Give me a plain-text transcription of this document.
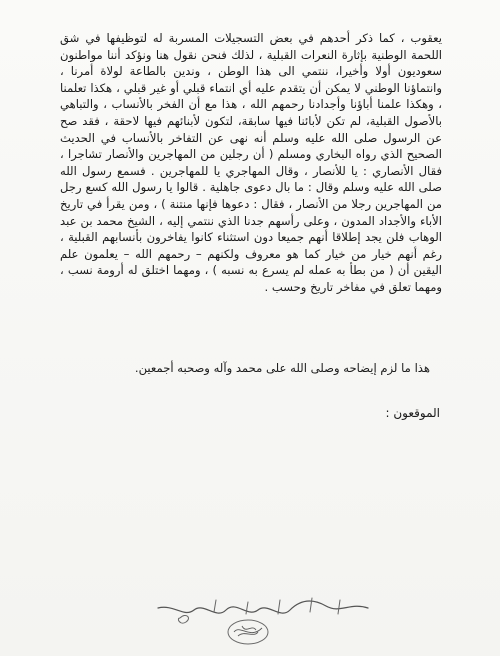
يعقوب ، كما ذكر أحدهم في بعض التسجيلات المسربة له لتوظيفها في شق اللحمة الوطنية بإثارة النعرات القبلية ، لذلك فنحن نقول هنا ونؤكد أننا مواطنون سعوديون أولا وأخيرا، ننتمي الى هذا الوطن ، وندين بالطاعة لولاة أمرنا ، وانتماؤنا الوطني لا يمكن أن يتقدم عليه أي انتماء قبلي أو غير قبلي ، هكذا تعلمنا ، وهكذا علمنا أباؤنا وأجدادنا رحمهم الله ، هذا مع أن الفخر بالأنساب ، والتباهي بالأصول القبلية، لم تكن لأبائنا فيها سابقة، لتكون لأبنائهم فيها لاحقة ، فقد صح عن الرسول صلى الله عليه وسلم أنه نهى عن التفاخر بالأنساب في الحديث الصحيح الذي رواه البخاري ومسلم ( أن رجلين من المهاجرين والأنصار تشاجرا ، فقال الأنصاري : يا للأنصار ، وقال المهاجري يا للمهاجرين . فسمع رسول الله صلى الله عليه وسلم وقال : ما بال دعوى جاهلية . قالوا يا رسول الله كسع رجل من المهاجرين رجلا من الأنصار ، فقال : دعوها فإنها منتنة ) ، ومن يقرأ في تاريخ الأباء والأجداد المدون ، وعلى رأسهم جدنا الذي ننتمي إليه ، الشيخ محمد بن عبد الوهاب فلن يجد إطلاقا أنهم جميعا دون استثناء كانوا يفاخرون بأنسابهم القبلية ، رغم أنهم خيار من خيار كما هو معروف ولكنهم – رحمهم الله – يعلمون علم اليقين أن ( من بطأ به عمله لم يسرع به نسبه ) ، ومهما اختلق له أرومة نسب ، ومهما تعلق في مفاخر تاريخ وحسب .

هذا ما لزم إيضاحه وصلى الله على محمد وآله وصحبه أجمعين.
الموقعون :
